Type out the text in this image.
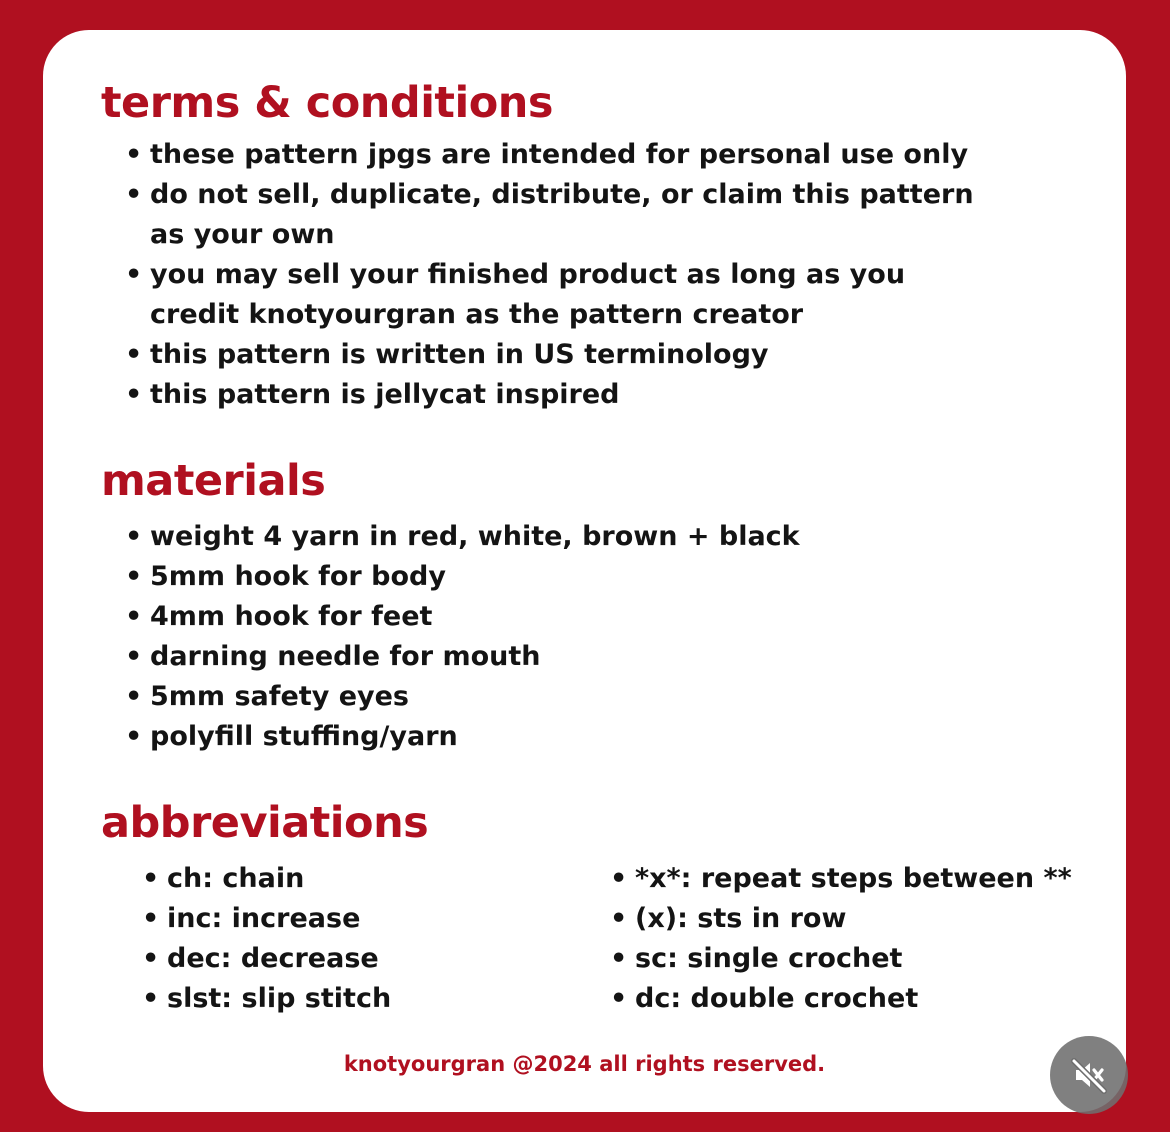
terms & conditions
• these pattern jpgs are intended for personal use only
• do not sell, duplicate, distribute, or claim this pattern
as your own
• you may sell your finished product as long as you
credit knotyourgran as the pattern creator
• this pattern is written in US terminology
• this pattern is jellycat inspired
materials
• weight 4 yarn in red, white, brown + black
• 5mm hook for body
• 4mm hook for feet
• darning needle for mouth
• 5mm safety eyes
• polyfill stuffing/yarn
abbreviations
• ch: chain
• inc: increase
• dec: decrease
• slst: slip stitch
• *x*: repeat steps between **
• (x): sts in row
• sc: single crochet
• dc: double crochet
knotyourgran @2024 all rights reserved.
